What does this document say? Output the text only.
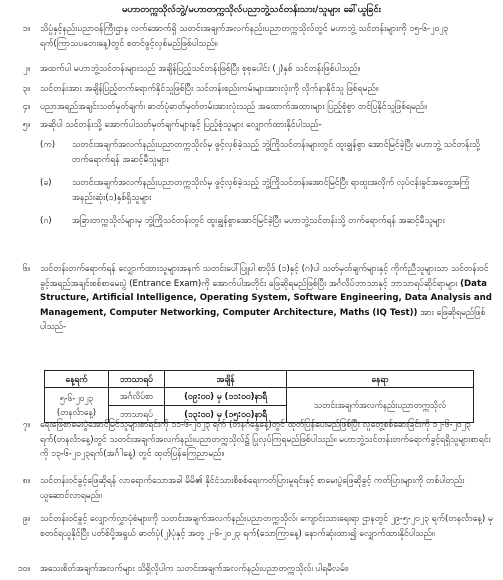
မဟာတက္ကသိုလ်ဘွဲ့/မဟာတက္ကသိုလ်ပညာဘွဲ့သင်တန်းသား/သူများ ခေါ်ယူခြင်း
၁။ သိပ္ပံနှင့်နည်းပညာဝန်ကြီးဌာန လက်အောက်ရှိ သတင်းအချက်အလက်နည်းပညာတက္ကသိုလ်တွင် မဟာဘွဲ့ သင်တန်းများကို ၁၅-၆-၂၀၂၃ ရက်(ကြာသပတေးနေ့)တွင် စတင်ဖွင့်လှစ်မည်ဖြစ်ပါသည်။
၂။ အထက်ပါ မဟာဘွဲ့သင်တန်းများသည် အချိန်ပြည့်သင်တန်းဖြစ်ပြီး စုစုပေါင်း (၂)နှစ် သင်တန်းဖြစ်ပါသည်။
၃။ သင်တန်းအား အချိန်ပြည့်တက်ရောက်နိုင်သူဖြစ်ပြီး သင်တန်းစည်းကမ်းများအားလုံးကို လိုက်နာနိုင်သူ ဖြစ်ရမည်။
၄။ ပညာအရည်အချင်းသတ်မှတ်ချက်၊ ဓာတ်ပုံဓာတ်မှတ်တမ်းအားလုံးသည် အထောက်အထားများ ပြည့်စုံစွာ တင်ပြနိုင်သူဖြစ်ရမည်။
၅။ အဆိုပါ သင်တန်းသို့ အောက်ပါသတ်မှတ်ချက်များနှင့် ပြည့်စုံသူများ လျှောက်ထားနိုင်ပါသည်-
(က)	သတင်းအချက်အလက်နည်းပညာတက္ကသိုလ်မှ ဖွင့်လှစ်ခဲ့သည့် ဘွဲ့ကြိုသင်တန်းများတွင် ထူးချွန်စွာ အောင်မြင်ခဲ့ပြီး မဟာဘွဲ့ သင်တန်းသို့ တက်ရောက်ရန် အဆင့်မီသူများ
(ခ)	သတင်းအချက်အလက်နည်းပညာတက္ကသိုလ်မှ ဖွင့်လှစ်ခဲ့သည့် ဘွဲ့ကြိုသင်တန်းအောင်မြင်ပြီး ရာထူးအလိုက် လုပ်ငန်းခွင်အတွေ့အကြုံ အနည်းဆုံး(၁)နှစ်ရှိသူများ
(ဂ)	အခြားတက္ကသိုလ်များမှ ဘွဲ့ကြိုသင်တန်းတွင် ထူးချွန်စွာအောင်မြင်ခဲ့ပြီး မဟာဘွဲ့သင်တန်းသို့ တက်ရောက်ရန် အဆင့်မီသူများ
၆။ သင်တန်းတက်ရောက်ရန် လျှောက်ထားသူများအနက် သတင်းပေါ်ပြူပါ စာပိုဒ် (၁)နှင့် (ဂ)ပါ သတ်မှတ်ချက်များနှင့် ကိုက်ညီသူများသာ သင်တန်းဝင်ခွင့်အရည်အချင်းစစ်စာမေးပွဲ (Entrance Exam)ကို အောက်ပါအတိုင်း ဖြေဆိုရမည်ဖြစ်ပြီး အင်္ဂလိပ်ဘာသာနှင့် ဘာသာရပ်ဆိုင်ရာများ (Data Structure, Artificial Intelligence, Operating System, Software Engineering, Data Analysis and Management, Computer Networking, Computer Architecture, Maths (IQ Test)) အား ဖြေဆိုရမည်ဖြစ်ပါသည်-
နေ့ရက်	ဘာသာရပ်	အချိန်	နေရာ

၅-၆-၂၀၂၃
(တနင်္လာနေ့)	အင်္ဂလိပ်စာ	(၀၉:၀၀) မှ (၁၁:၀၀)နာရီ	သတင်းအချက်အလက်နည်းပညာတက္ကသိုလ်
	ဘာသာရပ်	(၁၃:၀၀) မှ (၁၅:၀၀)နာရီ	
၇။ ရေးဖြေစာမေးပွဲအောင်မြင်သူများစာရင်းကို ၁၁-၆-၂၀၂၃ ရက် (တနင်္ဂနွေနေ့)တွင် ထုတ်ပြန်ပေးမည်ဖြစ်ပြီး လူတွေ့စစ်ဆေးခြင်းကို ၁၂-၆-၂၀၂၃ ရက်(တနင်္လာနေ့)တွင် သတင်းအချက်အလက်နည်းပညာတက္ကသိုလ်၌ ပြုလုပ်ကြရမည်ဖြစ်ပါသည်။ မဟာဘွဲ့သင်တန်းတက်ရောက်ခွင့်ရရှိသူများစာရင်းကို ၁၃-၆-၂၀၂၃ရက်(အင်္ဂါနေ့) တွင် ထုတ်ပြန်ကြေညာမည်။
၈။ သင်တန်းဝင်ခွင့်ဖြေဆိုရန် လာရောက်သောအခါ မိမိ၏ နိုင်ငံသားစိစစ်ရေးကတ်ပြားမူရင်းနှင့် စာမေးပွဲဖြေဆိုခွင့် ကတ်ပြားများကို တစ်ပါတည်း ယူဆောင်လာရမည်။
၉။ သင်တန်းဝင်ခွင့် လျှောက်လွှာပုံစံများကို သတင်းအချက်အလက်နည်းပညာတက္ကသိုလ်၊ ကျောင်းသားရေးရာ ဌာနတွင် ၂၉-၅-၂၀၂၃ ရက်(တနင်္လာနေ့) မှ စတင်ရယူနိုင်ပြီး ပတ်စ်ပို့အရွယ် ဓာတ်ပုံ(၂)ပုံနှင့် အတူ ၂-၆-၂၀၂၃ ရက်(သောကြာနေ့) နောက်ဆုံးထား၍ လျှောက်ထားနိုင်ပါသည်။
၁၀။ အသေးစိတ်အချက်အလက်များ သိရှိလိုပါက သတင်းအချက်အလက်နည်းပညာတက္ကသိုလ်၊ ပါရမီလမ်း၊
